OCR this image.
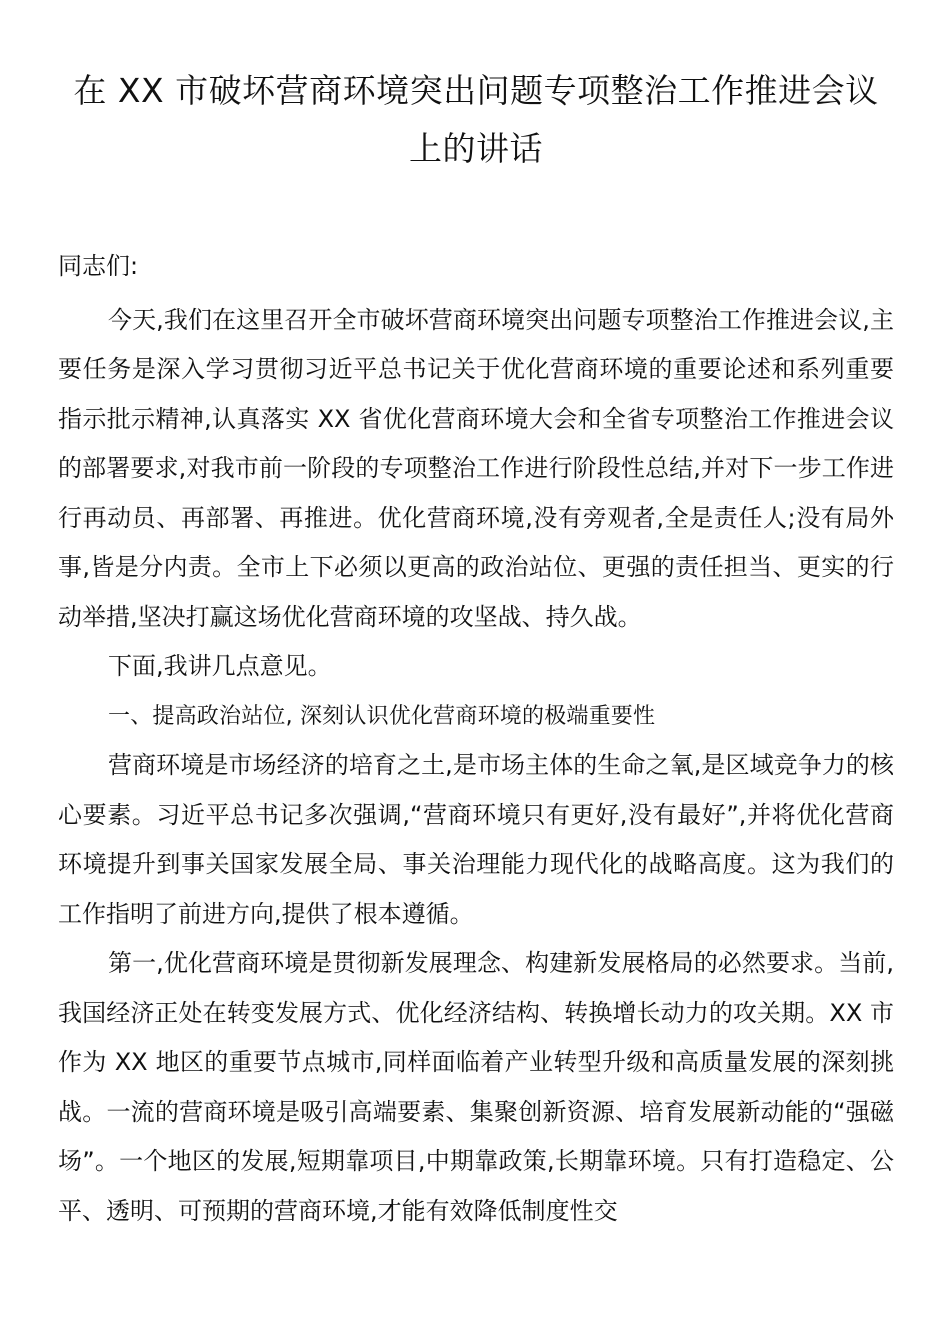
在 XX 市破坏营商环境突出问题专项整治工作推进会议
上的讲话

同志们:

今天,我们在这里召开全市破坏营商环境突出问题专项整治工作推进会议,主要任务是深入学习贯彻习近平总书记关于优化营商环境的重要论述和系列重要指示批示精神,认真落实 XX 省优化营商环境大会和全省专项整治工作推进会议的部署要求,对我市前一阶段的专项整治工作进行阶段性总结,并对下一步工作进行再动员、再部署、再推进。优化营商环境,没有旁观者,全是责任人;没有局外事,皆是分内责。全市上下必须以更高的政治站位、更强的责任担当、更实的行动举措,坚决打赢这场优化营商环境的攻坚战、持久战。

下面,我讲几点意见。

一、提高政治站位, 深刻认识优化营商环境的极端重要性

营商环境是市场经济的培育之土,是市场主体的生命之氧,是区域竞争力的核心要素。习近平总书记多次强调,“营商环境只有更好,没有最好”,并将优化营商环境提升到事关国家发展全局、事关治理能力现代化的战略高度。这为我们的工作指明了前进方向,提供了根本遵循。

第一,优化营商环境是贯彻新发展理念、构建新发展格局的必然要求。当前,我国经济正处在转变发展方式、优化经济结构、转换增长动力的攻关期。XX 市作为 XX 地区的重要节点城市,同样面临着产业转型升级和高质量发展的深刻挑战。一流的营商环境是吸引高端要素、集聚创新资源、培育发展新动能的“强磁场”。一个地区的发展,短期靠项目,中期靠政策,长期靠环境。只有打造稳定、公平、透明、可预期的营商环境,才能有效降低制度性交
